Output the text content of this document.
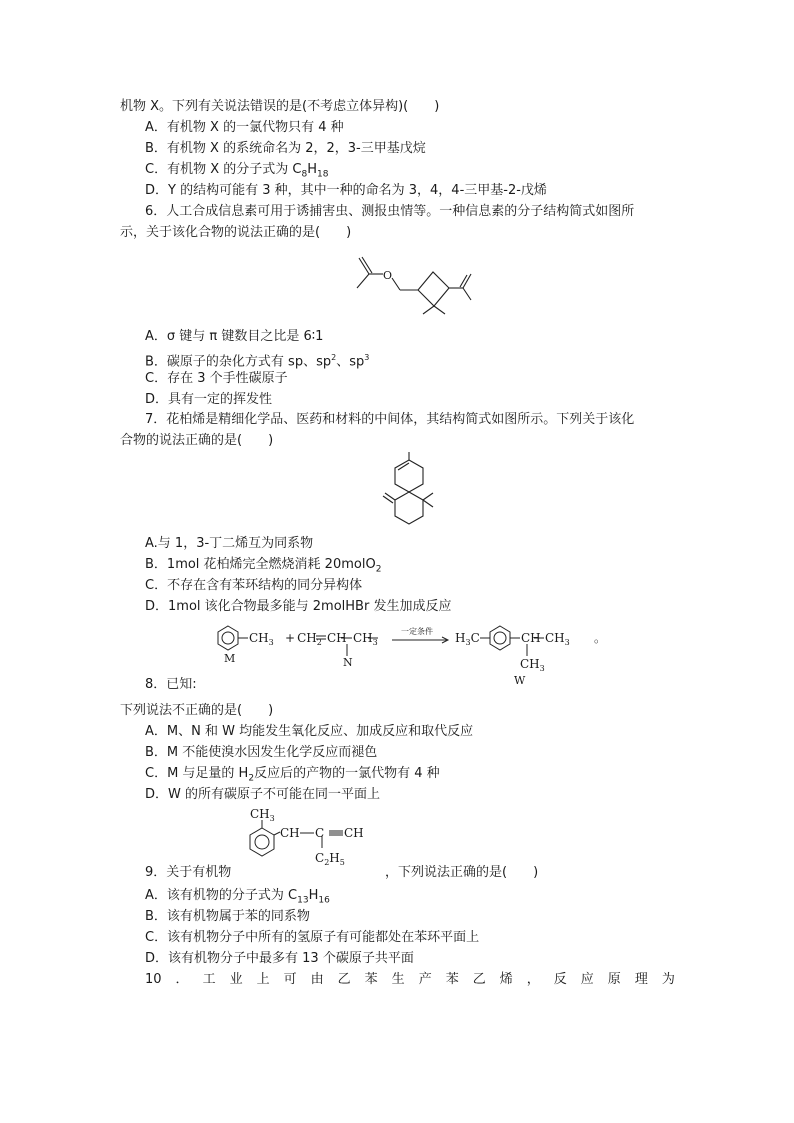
机物 X。下列有关说法错误的是(不考虑立体异构)(　　)
A．有机物 X 的一氯代物只有 4 种
B．有机物 X 的系统命名为 2，2，3-三甲基戊烷
C．有机物 X 的分子式为 $C_8H_{18}$
D．Y 的结构可能有 3 种，其中一种的命名为 3，4，4-三甲基-2-戊烯
6．人工合成信息素可用于诱捕害虫、测报虫情等。一种信息素的分子结构简式如图所
示，关于该化合物的说法正确的是(　　)
O
A．σ 键与 π 键数目之比是 6∶1
B．碳原子的杂化方式有 sp、$sp^2$、$sp^3$
C．存在 3 个手性碳原子
D．具有一定的挥发性
7．花柏烯是精细化学品、医药和材料的中间体，其结构简式如图所示。下列关于该化
合物的说法正确的是(　　)
A.与 1，3-丁二烯互为同系物
B．1mol 花柏烯完全燃烧消耗 20molO$_2$
C．不存在含有苯环结构的同分异构体
D．1mol 该化合物最多能与 2molHBr 发生加成反应
$CH_3$
M
+ $CH_2$ CH $CH_3$
N
一定条件 $H_3C$	CH $CH_3$
$CH_3$
。
W
8．已知:
下列说法不正确的是(　　)
A．M、N 和 W 均能发生氧化反应、加成反应和取代反应
B．M 不能使溴水因发生化学反应而褪色
C．M 与足量的 $H_2$反应后的产物的一氯代物有 4 种
D．W 的所有碳原子不可能在同一平面上
$CH_3$
CH C CH
$C_2H_5$
9．关于有机物	，下列说法正确的是(　　)
A．该有机物的分子式为 $C_{13}H_{16}$
B．该有机物属于苯的同系物
C．该有机物分子中所有的氢原子有可能都处在苯环平面上
D．该有机物分子中最多有 13 个碳原子共平面
10 ． 工 业 上 可 由 乙 苯 生 产 苯 乙 烯 ， 反 应 原 理 为
